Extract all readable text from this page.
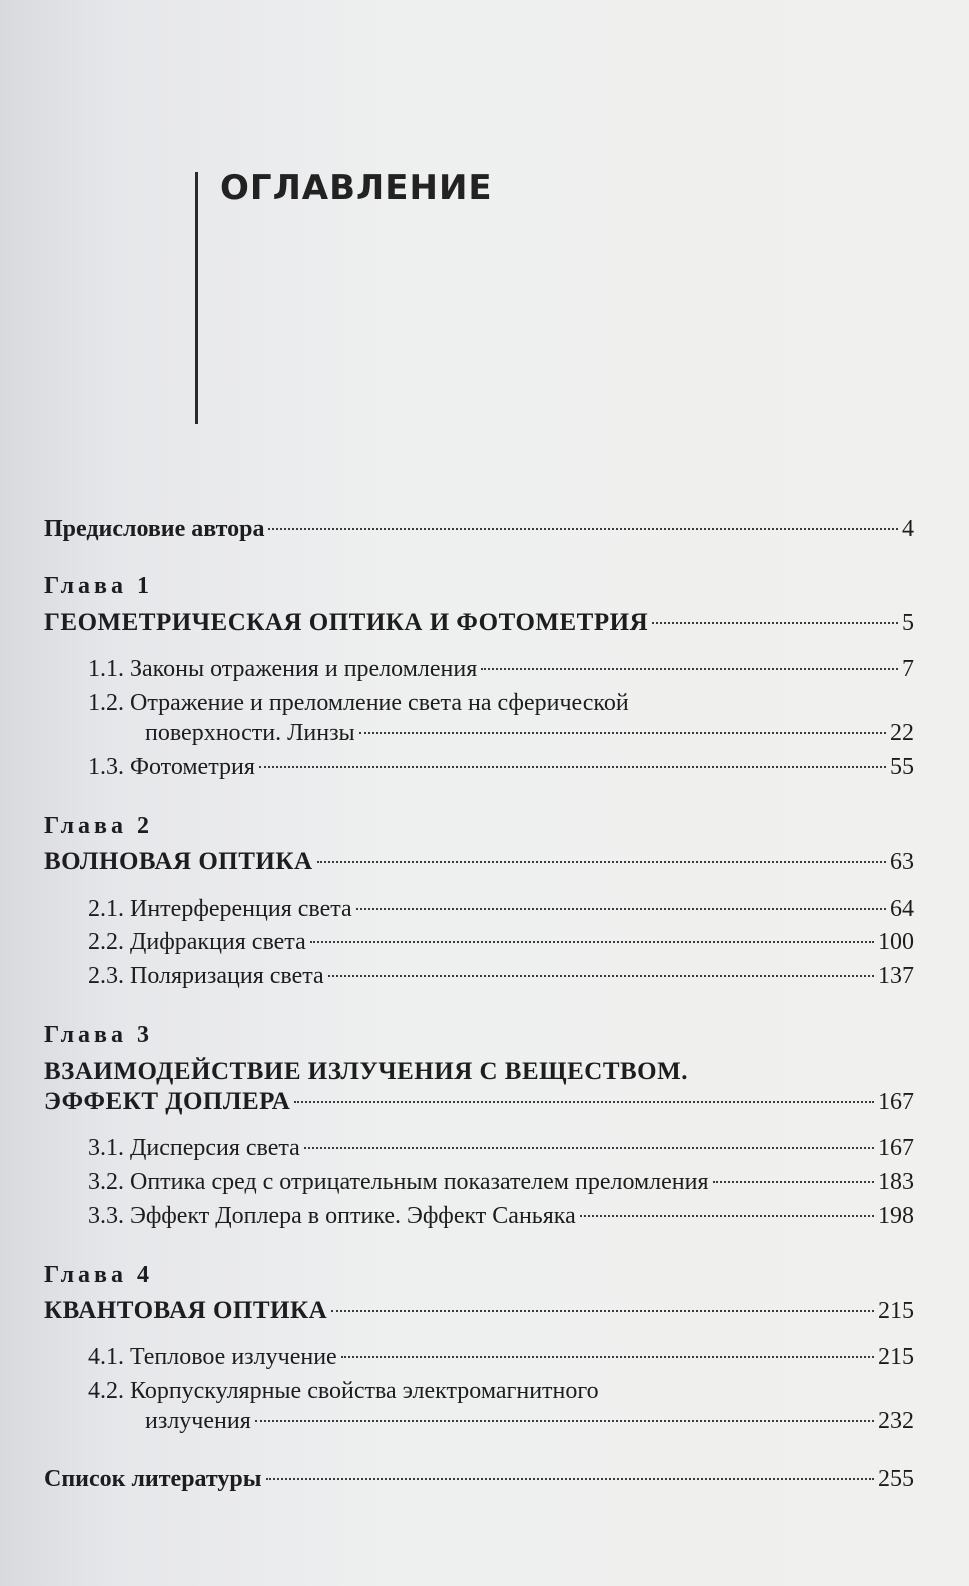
ОГЛАВЛЕНИЕ
Предисловие автора	4
Глава 1
ГЕОМЕТРИЧЕСКАЯ ОПТИКА И ФОТОМЕТРИЯ	5
1.1. Законы отражения и преломления	7
1.2. Отражение и преломление света на сферической
поверхности. Линзы	22
1.3. Фотометрия	55
Глава 2
ВОЛНОВАЯ ОПТИКА	63
2.1. Интерференция света	64
2.2. Дифракция света	100
2.3. Поляризация света	137
Глава 3
ВЗАИМОДЕЙСТВИЕ ИЗЛУЧЕНИЯ С ВЕЩЕСТВОМ.
ЭФФЕКТ ДОПЛЕРА	167
3.1. Дисперсия света	167
3.2. Оптика сред с отрицательным показателем преломления	183
3.3. Эффект Доплера в оптике. Эффект Саньяка	198
Глава 4
КВАНТОВАЯ ОПТИКА	215
4.1. Тепловое излучение	215
4.2. Корпускулярные свойства электромагнитного
излучения	232
Список литературы	255
